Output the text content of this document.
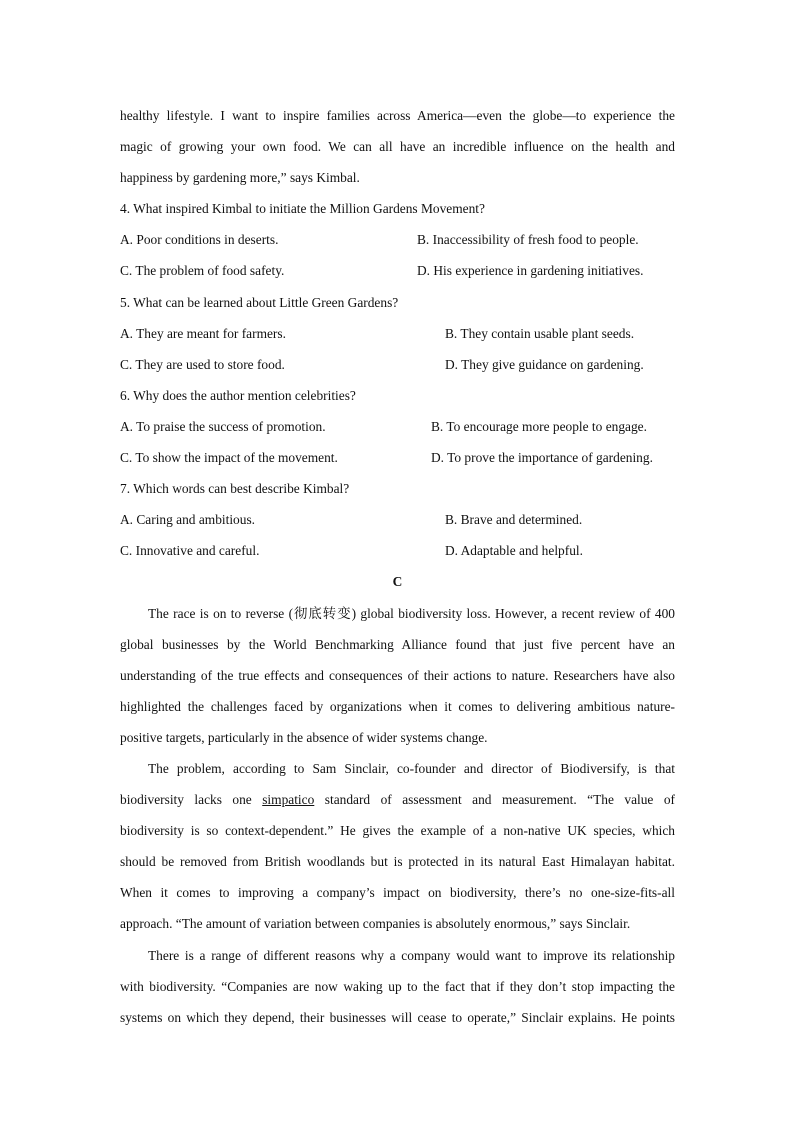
healthy lifestyle. I want to inspire families across America—even the globe—to experience the
magic of growing your own food. We can all have an incredible influence on the health and
happiness by gardening more,” says Kimbal.
4. What inspired Kimbal to initiate the Million Gardens Movement?
A. Poor conditions in deserts.	B. Inaccessibility of fresh food to people.
C. The problem of food safety.	D. His experience in gardening initiatives.
5. What can be learned about Little Green Gardens?
A. They are meant for farmers.	B. They contain usable plant seeds.
C. They are used to store food.	D. They give guidance on gardening.
6. Why does the author mention celebrities?
A. To praise the success of promotion.	B. To encourage more people to engage.
C. To show the impact of the movement.	D. To prove the importance of gardening.
7. Which words can best describe Kimbal?
A. Caring and ambitious.	B. Brave and determined.
C. Innovative and careful.	D. Adaptable and helpful.
C
The race is on to reverse (彻底转变) global biodiversity loss. However, a recent review of 400
global businesses by the World Benchmarking Alliance found that just five percent have an
understanding of the true effects and consequences of their actions to nature. Researchers have also
highlighted the challenges faced by organizations when it comes to delivering ambitious nature-
positive targets, particularly in the absence of wider systems change.
The problem, according to Sam Sinclair, co-founder and director of Biodiversify, is that
biodiversity lacks one simpatico standard of assessment and measurement. “The value of
biodiversity is so context-dependent.” He gives the example of a non-native UK species, which
should be removed from British woodlands but is protected in its natural East Himalayan habitat.
When it comes to improving a company’s impact on biodiversity, there’s no one-size-fits-all
approach. “The amount of variation between companies is absolutely enormous,” says Sinclair.
There is a range of different reasons why a company would want to improve its relationship
with biodiversity. “Companies are now waking up to the fact that if they don’t stop impacting the
systems on which they depend, their businesses will cease to operate,” Sinclair explains. He points
